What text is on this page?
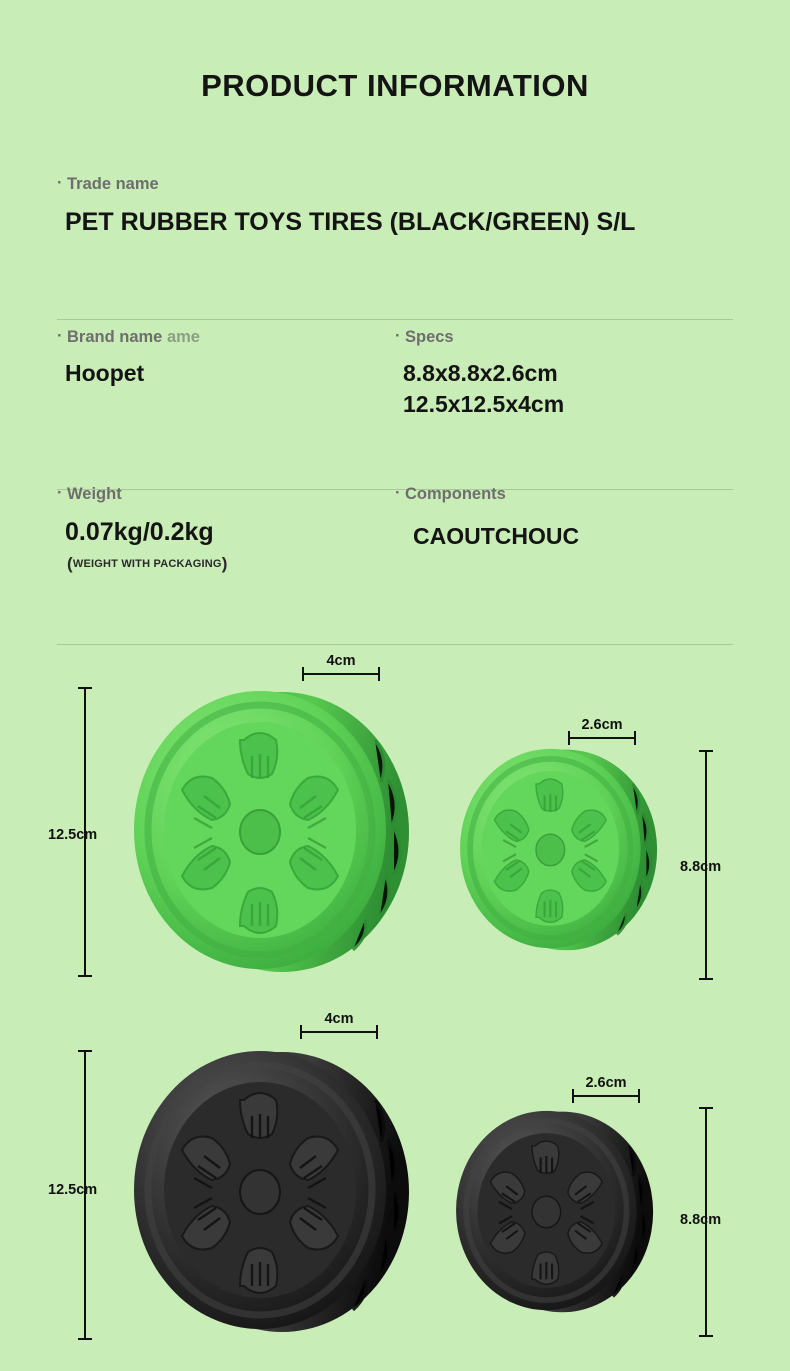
PRODUCT INFORMATION
· Trade name
PET RUBBER TOYS TIRES (BLACK/GREEN) S/L
· Brand name ame
Hoopet
· Specs
8.8x8.8x2.6cm
12.5x12.5x4cm
· Weight
0.07kg/0.2kg
(WEIGHT WITH PACKAGING)
· Components
CAOUTCHOUC
12.5cm
4cm
2.6cm
8.8cm
12.5cm
4cm
2.6cm
8.8cm
